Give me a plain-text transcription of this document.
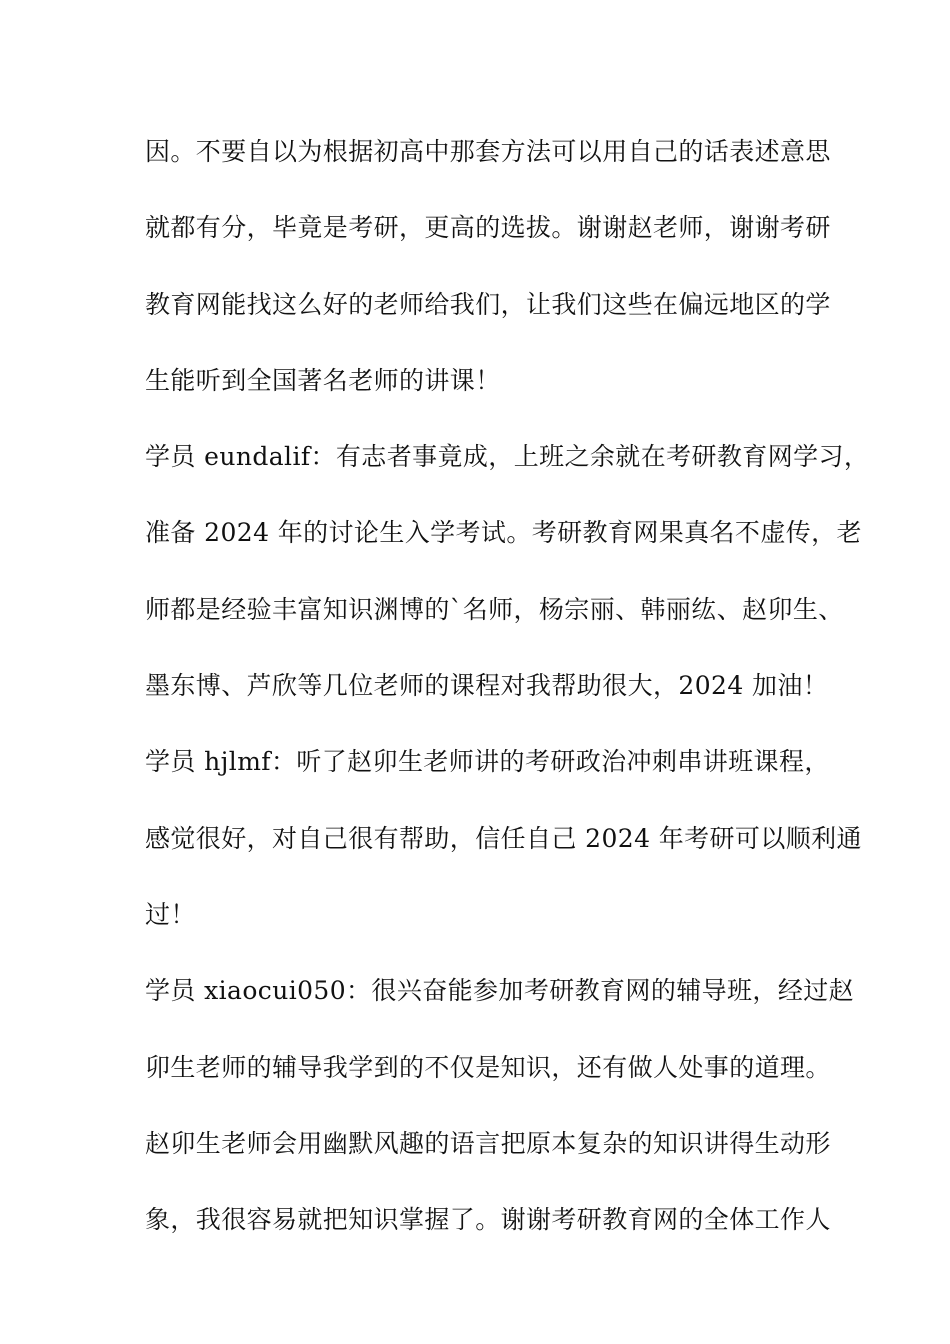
因。不要自以为根据初高中那套方法可以用自己的话表述意思
就都有分，毕竟是考研，更高的选拔。谢谢赵老师，谢谢考研
教育网能找这么好的老师给我们，让我们这些在偏远地区的学
生能听到全国著名老师的讲课！
学员 eundalif：有志者事竟成，上班之余就在考研教育网学习，
准备 2024 年的讨论生入学考试。考研教育网果真名不虚传，老
师都是经验丰富知识渊博的`名师，杨宗丽、韩丽纮、赵卯生、
墨东博、芦欣等几位老师的课程对我帮助很大，2024 加油！
学员 hjlmf：听了赵卯生老师讲的考研政治冲刺串讲班课程，
感觉很好，对自己很有帮助，信任自己 2024 年考研可以顺利通
过！
学员 xiaocui050：很兴奋能参加考研教育网的辅导班，经过赵
卯生老师的辅导我学到的不仅是知识，还有做人处事的道理。
赵卯生老师会用幽默风趣的语言把原本复杂的知识讲得生动形
象，我很容易就把知识掌握了。谢谢考研教育网的全体工作人
